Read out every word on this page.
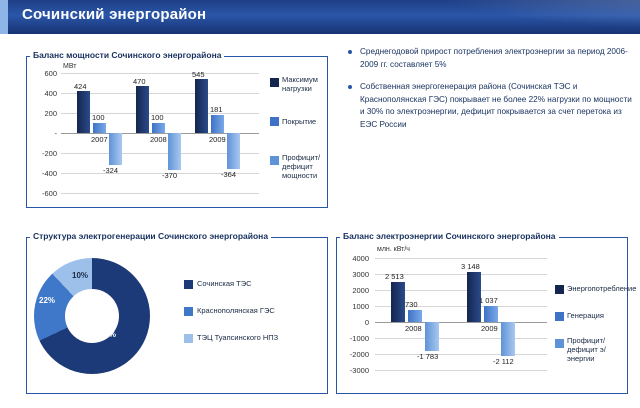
Сочинский энергорайон
Баланс мощности Сочинского энергорайона
МВт
600
400
200
-
-200
-400
-600
424
100
-324
2007
470
100
-370
2008
545
181
-364
2009
Максимум нагрузки
Покрытие
Профицит/дефицит мощности
Среднегодовой прирост потребления электроэнергии за период 2006-2009 гг. составляет 5%
Собственная энергогенерация района (Сочинская ТЭС и Краснополянская ГЭС) покрывает не более 22% нагрузки по мощности и 30% по электроэнергии, дефицит покрывается за счет перетока из ЕЭС России
Структура электрогенерации Сочинского энергорайона
10%
22%
68%
Сочинская ТЭС
Краснополянская ГЭС
ТЭЦ Туапсинского НПЗ
Баланс электроэнергии Сочинского энергорайона
млн. кВт/ч
4000
3000
2000
1000
0
-1000
-2000
-3000
2 513
730
-1 783
2008
3 148
1 037
-2 112
2009
Энергопотребление
Генерация
Профицит/дефицит э/энергии
